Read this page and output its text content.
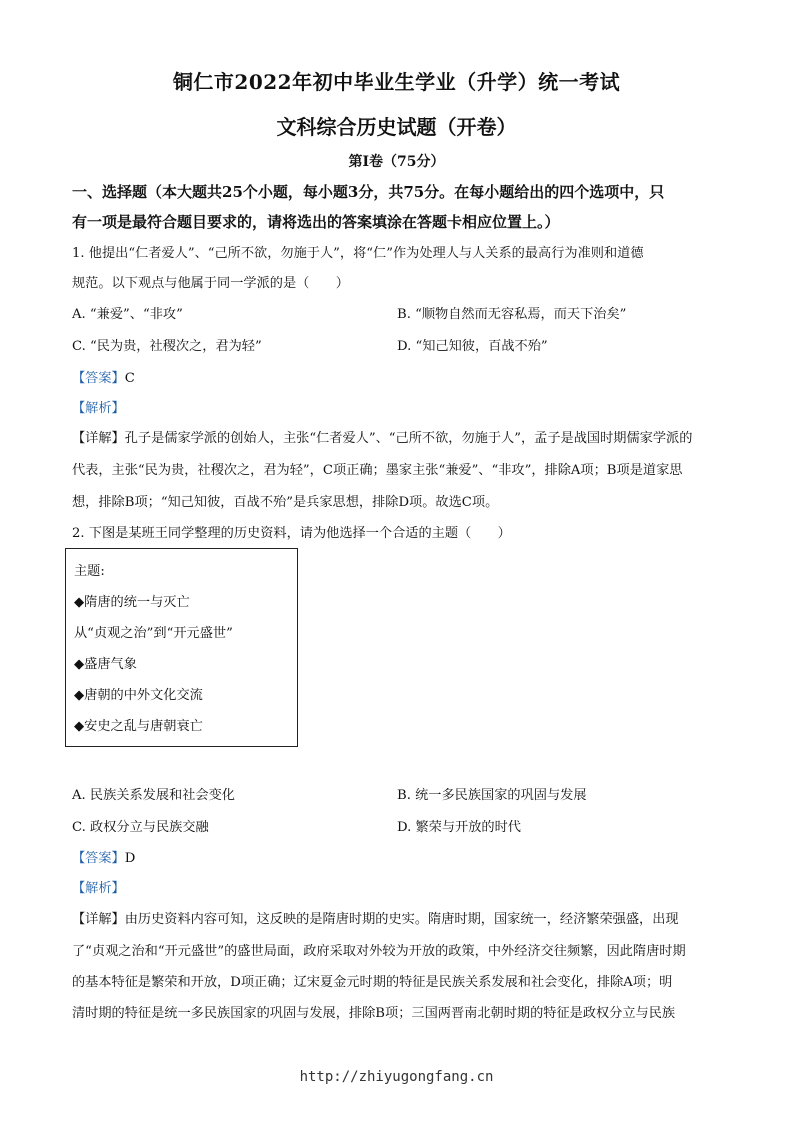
铜仁市2022年初中毕业生学业（升学）统一考试
文科综合历史试题（开卷）
第Ⅰ卷（75分）
一、选择题（本大题共25个小题，每小题3分，共75分。在每小题给出的四个选项中，只
有一项是最符合题目要求的，请将选出的答案填涂在答题卡相应位置上。）
1. 他提出“仁者爱人”、“己所不欲，勿施于人”，将“仁”作为处理人与人关系的最高行为准则和道德
规范。以下观点与他属于同一学派的是（　　）
A. “兼爱”、“非攻”	B. “顺物自然而无容私焉，而天下治矣”
C. “民为贵，社稷次之，君为轻”	D. “知己知彼，百战不殆”
【答案】C
【解析】
【详解】孔子是儒家学派的创始人，主张“仁者爱人”、“己所不欲，勿施于人”，孟子是战国时期儒家学派的
代表，主张“民为贵，社稷次之，君为轻”，C项正确；墨家主张“兼爱”、“非攻”，排除A项；B项是道家思
想，排除B项；“知己知彼，百战不殆”是兵家思想，排除D项。故选C项。
2. 下图是某班王同学整理的历史资料，请为他选择一个合适的主题（　　）
主题:
◆隋唐的统一与灭亡
从“贞观之治”到“开元盛世”
◆盛唐气象
◆唐朝的中外文化交流
◆安史之乱与唐朝衰亡
A. 民族关系发展和社会变化	B. 统一多民族国家的巩固与发展
C. 政权分立与民族交融	D. 繁荣与开放的时代
【答案】D
【解析】
【详解】由历史资料内容可知，这反映的是隋唐时期的史实。隋唐时期，国家统一，经济繁荣强盛，出现
了“贞观之治和“开元盛世”的盛世局面，政府采取对外较为开放的政策，中外经济交往频繁，因此隋唐时期
的基本特征是繁荣和开放，D项正确；辽宋夏金元时期的特征是民族关系发展和社会变化，排除A项；明
清时期的特征是统一多民族国家的巩固与发展，排除B项；三国两晋南北朝时期的特征是政权分立与民族
http://zhiyugongfang.cn
